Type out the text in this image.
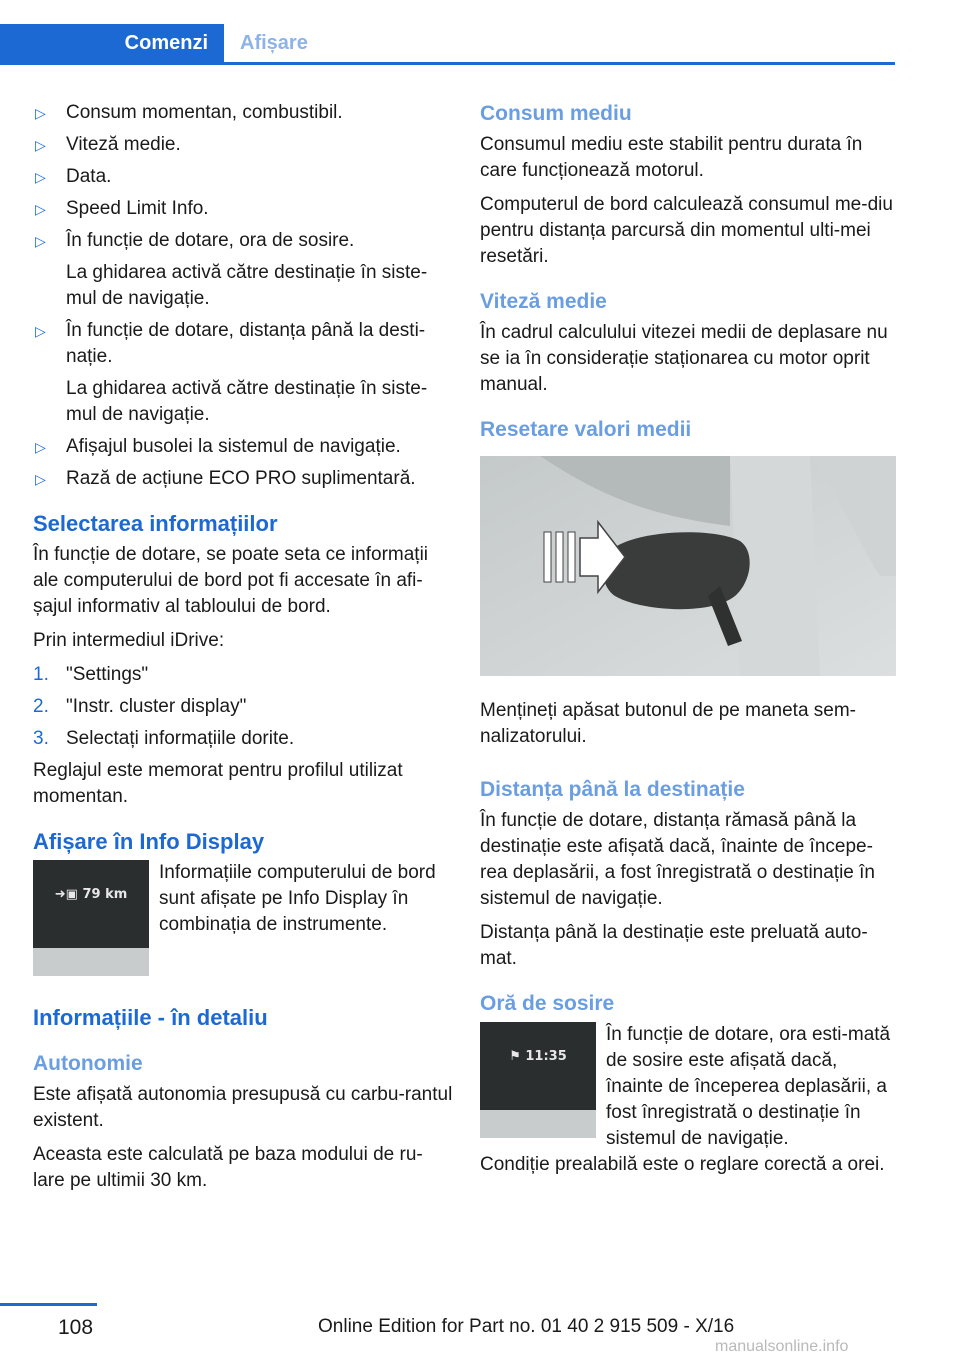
Comenzi	Afișare
▷ Consum momentan, combustibil.
▷ Viteză medie.
▷ Data.
▷ Speed Limit Info.
▷ În funcție de dotare, ora de sosire.
La ghidarea activă către destinație în siste‐mul de navigație.
▷ În funcție de dotare, distanța până la desti‐nație.
La ghidarea activă către destinație în siste‐mul de navigație.
▷ Afișajul busolei la sistemul de navigație.
▷ Rază de acțiune ECO PRO suplimentară.
Selectarea informațiilor

În funcție de dotare, se poate seta ce informații ale computerului de bord pot fi accesate în afi‐șajul informativ al tabloului de bord.

Prin intermediul iDrive:

1. "Settings"
2. "Instr. cluster display"
3. Selectați informațiile dorite.

Reglajul este memorat pentru profilul utilizat momentan.

Afișare în Info Display
➜▣ 79 km
Informațiile computerului de bord sunt afișate pe Info Display în combinația de instrumente.
Informațiile - în detaliu
Autonomie

Este afișată autonomia presupusă cu carbu‐rantul existent.

Aceasta este calculată pe baza modului de ru‐lare pe ultimii 30 km.

Consum mediu

Consumul mediu este stabilit pentru durata în care funcționează motorul.

Computerul de bord calculează consumul me‐diu pentru distanța parcursă din momentul ulti‐mei resetări.

Viteză medie

În cadrul calculului vitezei medii de deplasare nu se ia în considerație staționarea cu motor oprit manual.

Resetare valori medii

Mențineți apăsat butonul de pe maneta sem‐nalizatorului.

Distanța până la destinație

În funcție de dotare, distanța rămasă până la destinație este afișată dacă, înainte de începe‐rea deplasării, a fost înregistrată o destinație în sistemul de navigație.

Distanța până la destinație este preluată auto‐mat.

Oră de sosire
⚑ 11:35
În funcție de dotare, ora esti‐mată de sosire este afișată dacă, înainte de începerea deplasării, a fost înregistrată o destinație în sistemul de navigație.

Condiție prealabilă este o reglare corectă a orei.

108	Online Edition for Part no. 01 40 2 915 509 - X/16
manualsonline.info
